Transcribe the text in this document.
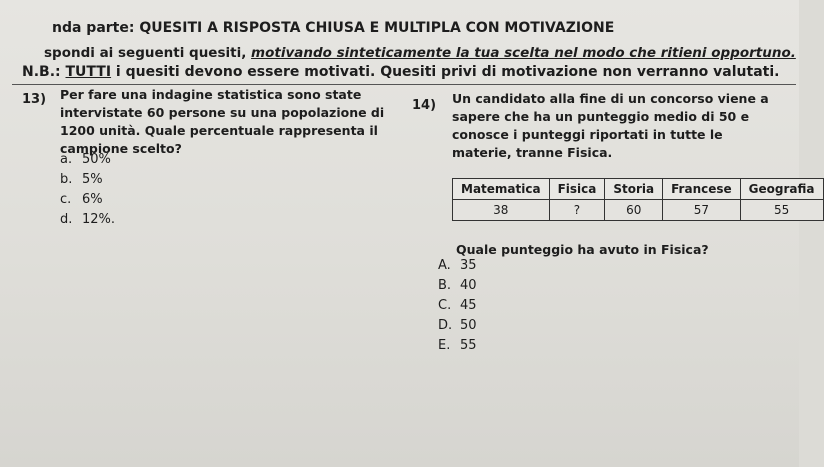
nda parte: QUESITI A RISPOSTA CHIUSA E MULTIPLA CON MOTIVAZIONE
spondi ai seguenti quesiti, motivando sinteticamente la tua scelta nel modo che ritieni opportuno.
N.B.: TUTTI i quesiti devono essere motivati. Quesiti privi di motivazione non verranno valutati.
13) Per fare una indagine statistica sono state intervistate 60 persone su una popolazione di 1200 unità. Quale percentuale rappresenta il campione scelto?
a. 50%
b. 5%
c. 6%
d. 12%.
14) Un candidato alla fine di un concorso viene a sapere che ha un punteggio medio di 50 e conosce i punteggi riportati in tutte le materie, tranne Fisica.
Matematica	Fisica	Storia	Francese	Geografia
38	?	60	57	55
Quale punteggio ha avuto in Fisica?
A. 35
B. 40
C. 45
D. 50
E. 55
